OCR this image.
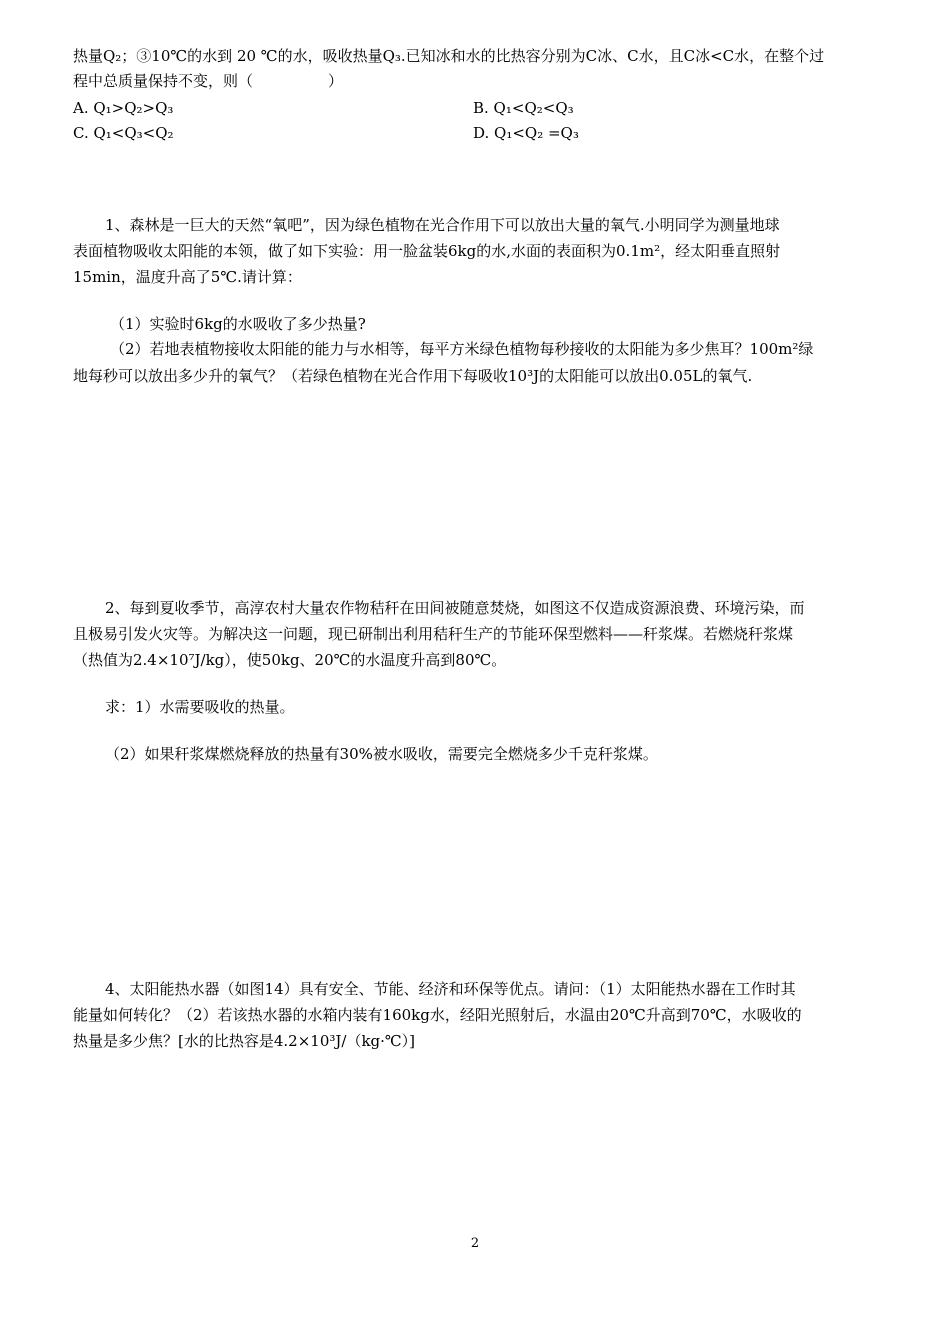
热量Q₂；③10℃的水到 20 ℃的水，吸收热量Q₃.已知冰和水的比热容分别为C冰、C水，且C冰<C水，在整个过
程中总质量保持不变，则（　　　　　）
A. Q₁>Q₂>Q₃	B. Q₁<Q₂<Q₃
C. Q₁<Q₃<Q₂	D. Q₁<Q₂ =Q₃
1、森林是一巨大的天然“氧吧”，因为绿色植物在光合作用下可以放出大量的氧气.小明同学为测量地球
表面植物吸收太阳能的本领，做了如下实验：用一脸盆装6kg的水,水面的表面积为0.1m²，经太阳垂直照射
15min，温度升高了5℃.请计算：
（1）实验时6kg的水吸收了多少热量?
（2）若地表植物接收太阳能的能力与水相等，每平方米绿色植物每秒接收的太阳能为多少焦耳？100m²绿
地每秒可以放出多少升的氧气？（若绿色植物在光合作用下每吸收10³J的太阳能可以放出0.05L的氧气.
2、每到夏收季节，高淳农村大量农作物秸秆在田间被随意焚烧，如图这不仅造成资源浪费、环境污染，而
且极易引发火灾等。为解决这一问题，现已研制出利用秸秆生产的节能环保型燃料——秆浆煤。若燃烧秆浆煤
（热值为2.4×10⁷J/kg），使50kg、20℃的水温度升高到80℃。
求：1）水需要吸收的热量。
（2）如果秆浆煤燃烧释放的热量有30%被水吸收，需要完全燃烧多少千克秆浆煤。
4、太阳能热水器（如图14）具有安全、节能、经济和环保等优点。请问：（1）太阳能热水器在工作时其
能量如何转化？（2）若该热水器的水箱内装有160kg水，经阳光照射后，水温由20℃升高到70℃，水吸收的
热量是多少焦？[水的比热容是4.2×10³J/（kg·℃）]
2
